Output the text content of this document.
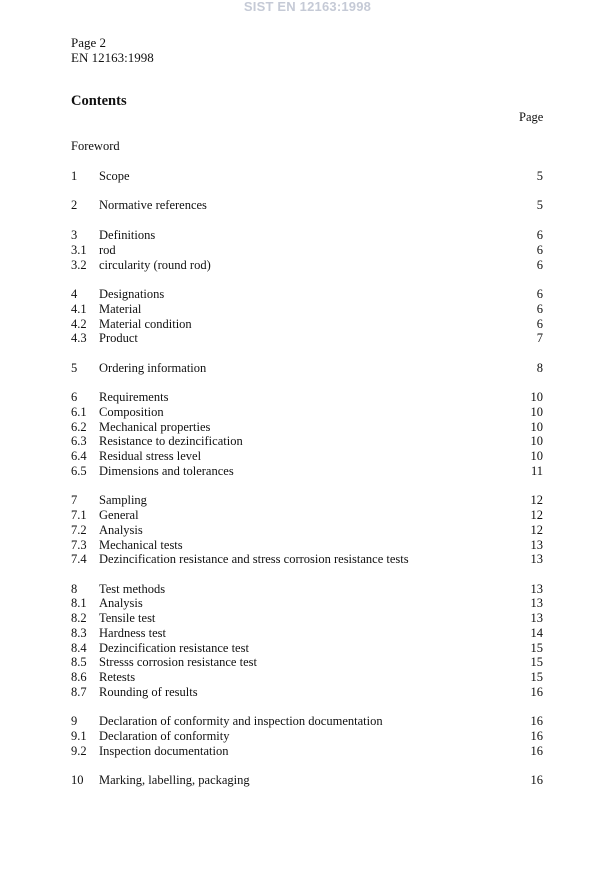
SIST EN 12163:1998
Page 2
EN 12163:1998
Contents
Page
Foreword
1 Scope	5
2 Normative references	5
3 Definitions	6
3.1 rod	6
3.2 circularity (round rod)	6
4 Designations	6
4.1 Material	6
4.2 Material condition	6
4.3 Product	7
5 Ordering information	8
6 Requirements	10
6.1 Composition	10
6.2 Mechanical properties	10
6.3 Resistance to dezincification	10
6.4 Residual stress level	10
6.5 Dimensions and tolerances	11
7 Sampling	12
7.1 General	12
7.2 Analysis	12
7.3 Mechanical tests	13
7.4 Dezincification resistance and stress corrosion resistance tests	13
8 Test methods	13
8.1 Analysis	13
8.2 Tensile test	13
8.3 Hardness test	14
8.4 Dezincification resistance test	15
8.5 Stresss corrosion resistance test	15
8.6 Retests	15
8.7 Rounding of results	16
9 Declaration of conformity and inspection documentation	16
9.1 Declaration of conformity	16
9.2 Inspection documentation	16
10 Marking, labelling, packaging	16
